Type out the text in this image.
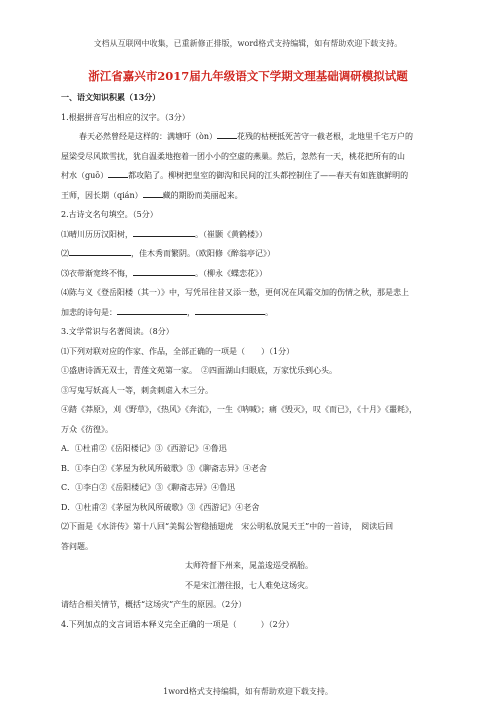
文档从互联网中收集，已重新修正排版，word格式支持编辑，如有帮助欢迎下载支持。
浙江省嘉兴市2017届九年级语文下学期文理基础调研模拟试题

一、语文知识积累（13分）

1.根据拼音写出相应的汉字。（3分）

春天必然曾经是这样的：满塘吁（òn）	花残的枯梗抵死苦守一截老根，北地里千宅万户的

屋梁受尽风欺雪扰，犹自温柔地抱着一团小小的空虚的燕巢。然后，忽然有一天，桃花把所有的山

村水（guō）	都攻陷了。柳树把皇室的御沟和民间的江头都控制住了——春天有如旌旗鲜明的

王师，因长期（qián）	藏的期盼而美丽起来。

2.古诗文名句填空。（5分）

⑴晴川历历汉阳树，	。（崔颢《黄鹤楼》）

⑵	，佳木秀而繁阴。（欧阳修《醉翁亭记》）

⑶衣带渐宽终不悔，	。（柳永《蝶恋花》）

⑷陈与义《登岳阳楼（其一）》中，写凭吊往昔又添一愁，更何况在风霜交加的伤情之秋，那是悲上

加悲的诗句是：	，	。

3.文学常识与名著阅读。（8分）

⑴下列对联对应的作家、作品，全部正确的一项是（　　）（1分）

①盛唐诗酒无双士，青莲文苑第一家。　②四面湖山归眼底，万家忧乐到心头。

③写鬼写妖高人一等，刺贪刺虐入木三分。

④踏《莽原》，刈《野草》，《热风》《奔流》，一生《呐喊》；痛《毁灭》，叹《而已》，《十月》《噩耗》，

万众《彷徨》。

A．①杜甫②《岳阳楼记》③《西游记》④鲁迅

B．①李白②《茅屋为秋风所破歌》③《聊斋志异》④老舍

C．①李白②《岳阳楼记》③《聊斋志异》④鲁迅

D．①杜甫②《茅屋为秋风所破歌》③《西游记》④老舍

⑵下面是《水浒传》第十八回“美髯公智稳插翅虎　宋公明私放晁天王”中的一首诗，　阅读后回

答问题。

太师符督下州来，晁盖逡巡受祸胎。

不是宋江潜往报，七人难免这场灾。

请结合相关情节，概括“这场灾”产生的原因。（2分）

4.下列加点的文言词语本释义完全正确的一项是（　　　）（2分）

1word格式支持编辑，如有帮助欢迎下载支持。
